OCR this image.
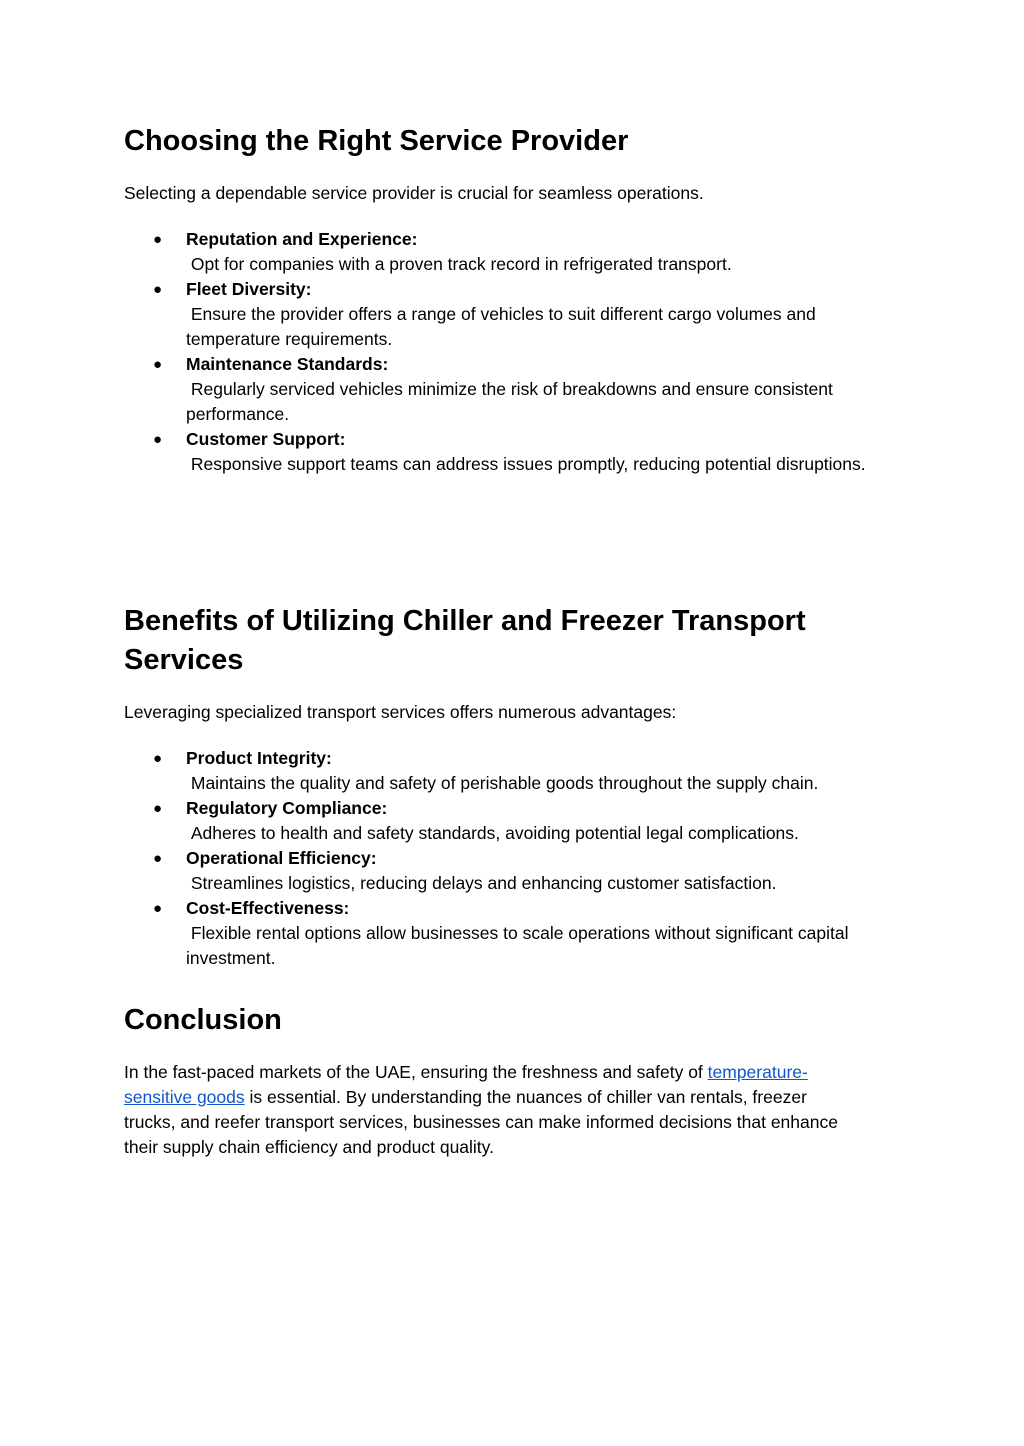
Choosing the Right Service Provider

Selecting a dependable service provider is crucial for seamless operations.

● Reputation and Experience:
Opt for companies with a proven track record in refrigerated transport.
● Fleet Diversity:
Ensure the provider offers a range of vehicles to suit different cargo volumes and temperature requirements.
● Maintenance Standards:
Regularly serviced vehicles minimize the risk of breakdowns and ensure consistent performance.
● Customer Support:
Responsive support teams can address issues promptly, reducing potential disruptions.
Benefits of Utilizing Chiller and Freezer Transport Services

Leveraging specialized transport services offers numerous advantages:

● Product Integrity:
Maintains the quality and safety of perishable goods throughout the supply chain.
● Regulatory Compliance:
Adheres to health and safety standards, avoiding potential legal complications.
● Operational Efficiency:
Streamlines logistics, reducing delays and enhancing customer satisfaction.
● Cost-Effectiveness:
Flexible rental options allow businesses to scale operations without significant capital investment.
Conclusion

In the fast-paced markets of the UAE, ensuring the freshness and safety of temperature-sensitive goods is essential. By understanding the nuances of chiller van rentals, freezer trucks, and reefer transport services, businesses can make informed decisions that enhance their supply chain efficiency and product quality.
